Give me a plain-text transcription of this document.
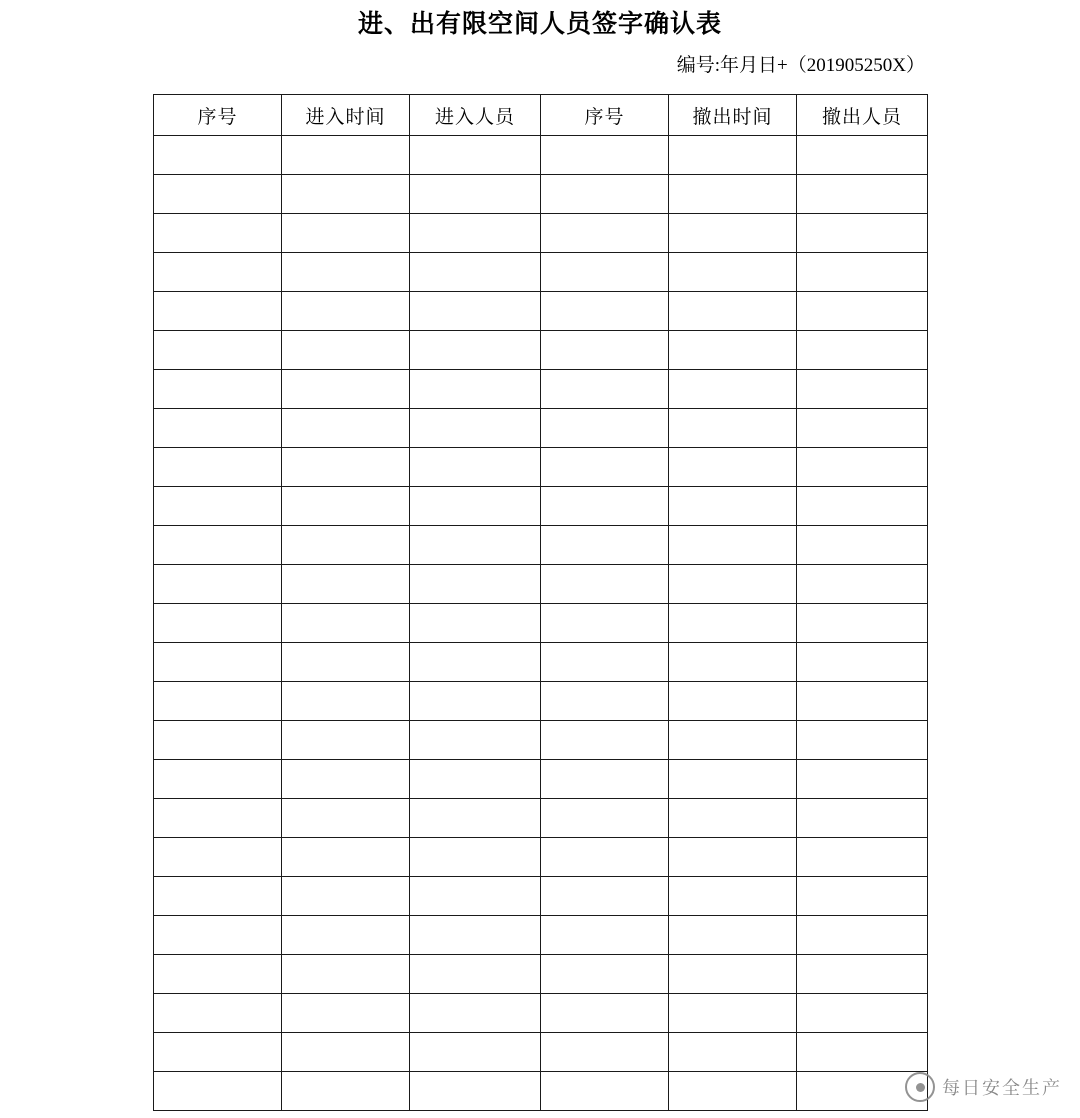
进、出有限空间人员签字确认表
编号:年月日+（201905250X）
序号	进入时间	进入人员	序号	撤出时间	撤出人员

每日安全生产
